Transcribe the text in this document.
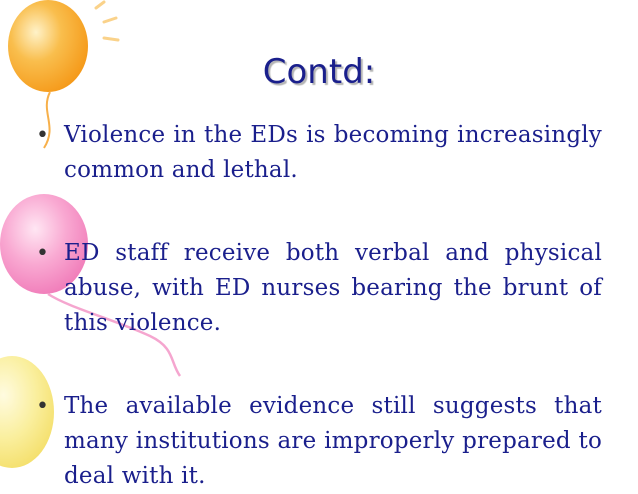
Contd:
• Violence in the EDs is becoming increasingly common and lethal.
• ED staff receive both verbal and physical abuse, with ED nurses bearing the brunt of this violence.
• The available evidence still suggests that many institutions are improperly prepared to deal with it.
